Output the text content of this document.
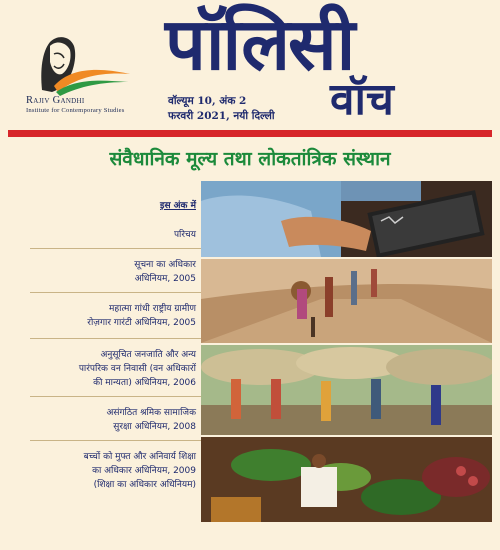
Rajiv Gandhi
Institute for Contemporary Studies
पॉलिसी
वॉच
वॉल्यूम 10, अंक 2
फरवरी 2021, नयी दिल्ली
संवैधानिक मूल्य तथा लोकतांत्रिक संस्थान
इस अंक में
परिचय
सूचना का अधिकार
अधिनियम, 2005
महात्मा गांधी राष्ट्रीय ग्रामीण
रोज़गार गारंटी अधिनियम, 2005
अनुसूचित जनजाति और अन्य
पारंपरिक वन निवासी (वन अधिकारों
की मान्यता) अधिनियम, 2006
असंगठित श्रमिक सामाजिक
सुरक्षा अधिनियम, 2008
बच्चों को मुफ्त और अनिवार्य शिक्षा
का अधिकार अधिनियम, 2009
(शिक्षा का अधिकार अधिनियम)
